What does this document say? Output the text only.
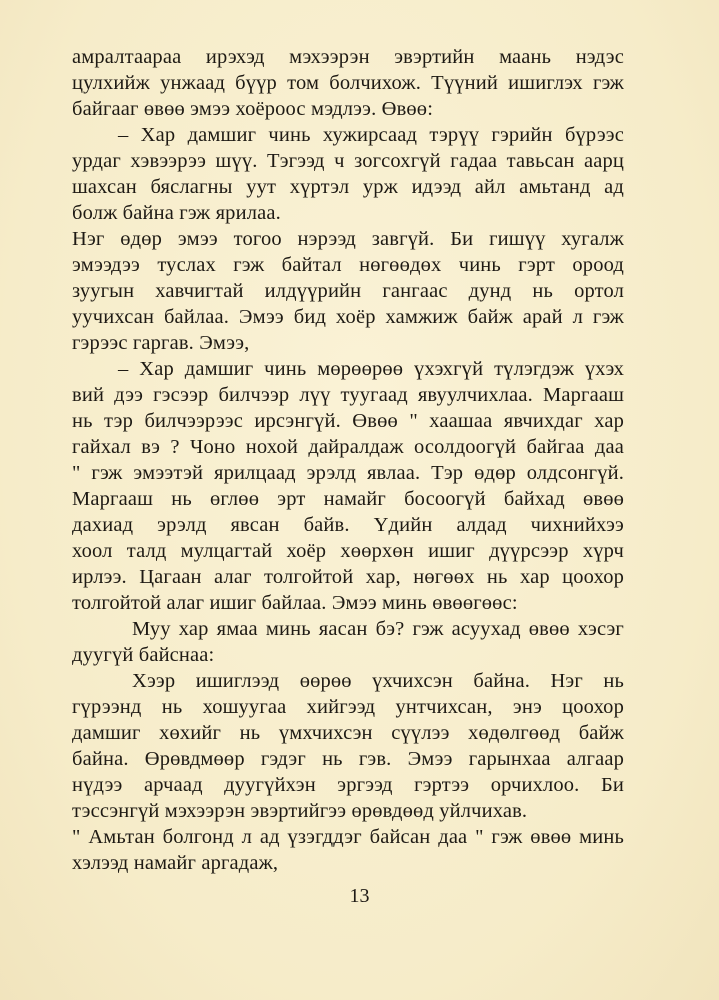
амралтаараа ирэхэд мэхээрэн эвэртийн маань нэдэс
цулхийж унжаад бүүр том болчихож. Түүний ишиглэх гэж
байгааг өвөө эмээ хоёроос мэдлээ. Өвөө:
– Хар дамшиг чинь хужирсаад тэрүү гэрийн бүрээс
урдаг хэвээрээ шүү. Тэгээд ч зогсохгүй гадаа тавьсан аарц
шахсан бяслагны уут хүртэл урж идээд айл амьтанд ад
болж байна гэж ярилаа.
Нэг өдөр эмээ тогоо нэрээд завгүй. Би гишүү хугалж
эмээдээ туслах гэж байтал нөгөөдөх чинь гэрт ороод
зуугын хавчигтай илдүүрийн гангаас дунд нь ортол
уучихсан байлаа. Эмээ бид хоёр хамжиж байж арай л гэж
гэрээс гаргав. Эмээ,
– Хар дамшиг чинь мөрөөрөө үхэхгүй түлэгдэж үхэх
вий дээ гэсээр билчээр лүү туугаад явуулчихлаа. Маргааш
нь тэр билчээрээс ирсэнгүй. Өвөө " хаашаа явчихдаг хар
гайхал вэ ? Чоно нохой дайралдаж осолдоогүй байгаа даа
" гэж эмээтэй ярилцаад эрэлд явлаа. Тэр өдөр олдсонгүй.
Маргааш нь өглөө эрт намайг босоогүй байхад өвөө
дахиад эрэлд явсан байв. Үдийн алдад чихнийхээ
хоол талд мулцагтай хоёр хөөрхөн ишиг дүүрсээр хүрч
ирлээ. Цагаан алаг толгойтой хар, нөгөөх нь хар цоохор
толгойтой алаг ишиг байлаа. Эмээ минь өвөөгөөс:
Муу хар ямаа минь яасан бэ? гэж асуухад өвөө хэсэг
дуугүй байснаа:
Хээр ишиглээд өөрөө үхчихсэн байна. Нэг нь
гүрээнд нь хошуугаа хийгээд унтчихсан, энэ цоохор
дамшиг хөхийг нь үмхчихсэн сүүлээ хөдөлгөөд байж
байна. Өрөвдмөөр гэдэг нь гэв. Эмээ гарынхаа алгаар
нүдээ арчаад дуугүйхэн эргээд гэртээ орчихлоо. Би
тэссэнгүй мэхээрэн эвэртийгээ өрөвдөөд уйлчихав.
" Амьтан болгонд л ад үзэгддэг байсан даа " гэж өвөө минь
хэлээд намайг аргадаж,
13
